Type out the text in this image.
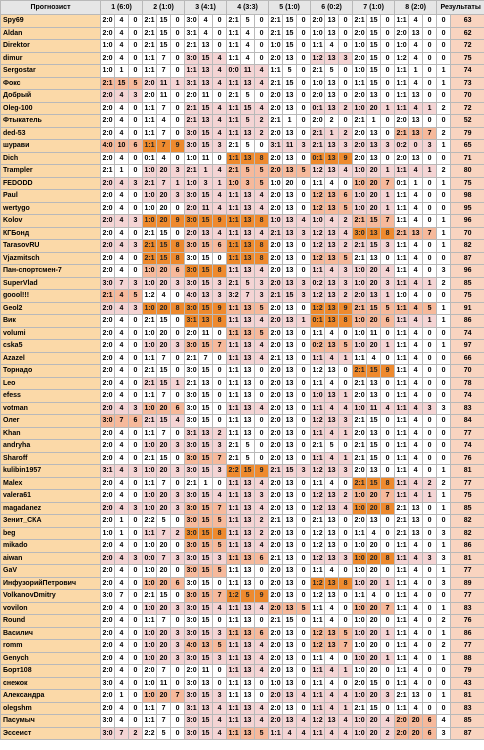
Прогнозист	1 (6:0)			2 (1:0)			3 (4:1)			4 (3:3)			5 (1:0)			6 (0:2)			7 (1:0)			8 (2:0)			Результаты	
Spy69	2:0	4	0	2:1	15	0	3:0	4	0	2:1	5	0	2:1	15	0	2:0	13	0	2:1	15	0	1:1	4	0	0	63
Aldan	2:0	4	0	2:1	15	0	3:1	4	0	1:1	4	0	2:1	15	0	1:0	13	0	2:0	15	0	2:0	13	0	0	62
Direktor	1:0	4	0	2:1	15	0	2:1	13	0	1:1	4	0	1:0	15	0	1:1	4	0	1:0	15	0	1:0	4	0	0	72
dimur	2:0	4	0	1:1	7	0	3:0	15	4	1:1	4	0	2:0	13	0	1:2	13	3	2:0	15	0	1:2	4	0	0	75
Sergostar	1:0	1	0	1:1	7	0	1:1	13	4	0:0	11	4	1:1	5	0	2:1	5	0	1:0	15	0	1:1	1	0	1	74
Фокс	2:1	15	5	2:0	11	1	3:1	13	4	1:1	13	4	2:1	15	0	1:0	13	0	1:1	15	0	1:1	4	0	1	73
Добрый	2:0	4	3	2:0	11	0	2:0	11	0	2:1	5	0	2:0	13	0	2:0	13	0	2:0	13	0	1:1	13	0	0	70
Oleg-100	2:0	4	0	1:1	7	0	2:1	15	4	1:1	15	4	2:0	13	0	0:1	13	2	1:0	20	1	1:1	4	1	2	72
Фтыкатель	2:0	4	0	1:1	4	0	2:1	13	4	1:1	5	2	2:1	1	0	2:0	2	0	2:1	1	0	2:0	13	0	0	52
ded-53	2:0	4	0	1:1	7	0	3:0	15	4	1:1	13	2	2:0	13	0	2:1	1	2	2:0	13	0	2:1	13	7	2	79
шурави	4:0	10	6	1:1	7	9	3:0	15	3	2:1	5	0	3:1	11	3	2:1	13	3	2:0	13	3	0:2	0	3	1	65
Dich	2:0	4	0	0:1	4	0	1:0	11	0	1:1	13	8	2:0	13	0	0:1	13	9	2:0	13	0	2:0	13	0	0	71
Trampler	2:1	1	0	1:0	20	3	2:1	1	4	2:1	5	5	2:0	13	5	1:2	13	4	1:0	20	1	1:1	4	1	2	80
FEDODD	2:0	4	3	2:1	7	1	1:0	3	1	1:0	3	5	1:0	20	0	1:1	4	0	1:0	20	7	0:1	1	0	1	75
Paul	2:0	4	0	1:0	20	3	3:0	15	4	1:1	13	4	2:0	13	0	1:2	13	6	1:0	20	1	1:1	4	0	0	98
wertygo	2:0	4	0	1:0	20	0	2:0	11	4	1:1	13	4	2:0	13	0	1:2	13	5	1:0	20	1	1:1	4	0	0	95
Kolov	2:0	4	3	1:0	20	9	3:0	15	9	1:1	13	8	1:0	13	4	1:0	4	2	2:1	15	7	1:1	4	0	1	96
КГБонд	2:0	4	0	2:1	15	0	2:0	13	4	1:1	13	4	2:1	13	3	1:2	13	4	3:0	13	8	2:1	13	7	1	70
TarasovRU	2:0	4	3	2:1	15	8	3:0	15	6	1:1	13	8	2:0	13	0	1:2	13	2	2:1	15	3	1:1	4	0	1	82
Vjazmitsch	2:0	4	0	2:1	15	8	3:0	15	0	1:1	13	8	2:0	13	0	1:2	13	5	2:1	13	0	1:1	4	0	0	87
Пан-спортсмен-7	2:0	4	0	1:0	20	6	3:0	15	8	1:1	13	4	2:0	13	0	1:1	4	3	1:0	20	4	1:1	4	0	3	96
SuperVlad	3:0	7	3	1:0	20	3	3:0	15	3	2:1	5	3	2:0	13	3	0:2	13	3	1:0	20	3	1:1	4	1	2	85
goool!!!	2:1	4	5	1:2	4	0	4:0	13	3	3:2	7	3	2:1	15	3	1:2	13	2	2:0	13	1	1:0	4	0	0	75
Geol2	2:0	4	3	1:0	20	8	3:0	15	9	1:1	13	5	2:0	13	0	1:2	13	9	2:1	15	5	1:1	4	5	1	91
Вик	2:0	4	0	2:1	15	0	3:1	13	8	1:1	13	4	2:0	13	1	0:1	13	8	1:0	20	6	1:1	4	1	1	86
volumi	2:0	4	0	1:0	20	0	2:0	11	0	1:1	13	5	2:0	13	0	1:1	4	0	1:0	11	0	1:1	4	0	0	74
cska5	2:0	4	0	1:0	20	3	3:0	15	7	1:1	13	4	2:0	13	0	0:2	13	5	1:0	20	1	1:1	4	0	1	97
Azazel	2:0	4	0	1:1	7	0	2:1	7	0	1:1	13	4	2:1	13	0	1:1	4	1	1:1	4	0	1:1	4	0	0	66
Торнадо	2:0	4	0	2:1	15	0	3:0	15	0	1:1	13	0	2:0	13	0	1:2	13	0	2:1	15	9	1:1	4	0	0	70
Leo	2:0	4	0	2:1	15	1	2:1	13	0	1:1	13	0	2:0	13	0	1:1	4	0	2:1	13	0	1:1	4	0	0	78
efess	2:0	4	0	1:1	7	0	3:0	15	0	1:1	13	0	2:0	13	0	1:0	13	1	2:0	13	0	1:1	4	0	0	74
votman	2:0	4	3	1:0	20	6	3:0	15	0	1:1	13	4	2:0	13	0	1:1	4	4	1:0	11	4	1:1	4	3	3	83
Олег	3:0	7	6	2:1	15	4	3:0	15	0	1:1	13	0	2:0	13	0	1:2	13	3	2:1	15	0	1:1	4	0	0	84
Khan	2:0	4	0	1:1	7	0	3:1	13	2	1:1	13	0	2:0	13	0	1:1	4	1	2:0	13	0	1:1	4	0	0	77
andryha	2:0	4	0	1:0	20	3	3:0	15	3	2:1	5	0	2:0	13	0	2:1	5	0	2:1	15	0	1:1	4	0	0	74
Sharoff	2:0	4	0	2:1	15	0	3:0	15	7	2:1	5	0	2:0	13	0	1:1	4	1	2:1	15	0	1:1	4	0	0	76
kulibin1957	3:1	4	3	1:0	20	3	3:0	15	3	2:2	15	9	2:1	15	3	1:2	13	3	2:0	13	0	1:1	4	0	1	81
Malex	2:0	4	0	1:1	7	0	2:1	1	0	1:1	13	4	2:0	13	0	1:1	4	0	2:1	15	8	1:1	4	2	2	77
valera61	2:0	4	0	1:0	20	3	3:0	15	4	1:1	13	3	2:0	13	0	1:2	13	2	1:0	20	7	1:1	4	1	1	75
magadanez	2:0	4	3	1:0	20	3	3:0	15	7	1:1	13	4	2:0	13	0	1:2	13	4	1:0	20	8	2:1	13	0	1	85
Зенит_СКА	2:0	1	0	2:2	5	0	3:0	15	5	1:1	13	2	2:1	13	0	2:1	13	0	2:0	13	0	2:1	13	0	0	82
beg	1:0	1	0	1:1	7	2	3:0	15	8	1:1	13	2	2:0	13	0	1:2	13	0	1:1	4	0	2:1	13	0	3	82
mikado	2:0	4	0	1:0	20	0	3:0	15	5	1:1	13	4	2:0	13	0	1:2	13	0	1:0	20	0	1:1	4	0	1	86
aiwan	2:0	4	3	0:0	7	3	3:0	15	3	1:1	13	6	2:1	13	0	1:2	13	3	1:0	20	8	1:1	4	3	3	81
GaV	2:0	4	0	1:0	20	0	3:0	15	5	1:1	13	0	2:0	13	0	1:1	4	0	1:0	20	0	1:1	4	0	1	77
ИнфузорийПетрович	2:0	4	0	1:0	20	6	3:0	15	0	1:1	13	0	2:0	13	0	1:2	13	8	1:0	20	1	1:1	4	0	3	89
VolkanovDmitry	3:0	7	0	2:1	15	0	3:0	15	7	1:2	5	9	2:0	13	0	1:2	13	0	1:1	4	0	1:1	4	0	0	77
vovilon	2:0	4	0	1:0	20	3	3:0	15	4	1:1	13	4	2:0	13	5	1:1	4	0	1:0	20	7	1:1	4	0	1	83
Round	2:0	4	0	1:1	7	0	3:0	15	0	1:1	13	0	2:1	15	0	1:1	4	0	1:0	20	0	1:1	4	0	2	76
Василич	2:0	4	0	1:0	20	3	3:0	15	3	1:1	13	6	2:0	13	0	1:2	13	5	1:0	20	1	1:1	4	0	1	86
romm	2:0	4	0	1:0	20	3	4:0	13	5	1:1	13	4	2:0	13	0	1:2	13	7	1:0	20	0	1:1	4	0	2	77
Genych	2:0	4	0	1:0	20	3	3:0	15	3	1:1	13	4	2:0	13	0	1:1	4	0	1:0	20	1	1:1	4	0	1	88
Борт108	2:0	4	0	2:0	7	0	2:0	11	0	1:1	13	4	2:0	13	0	1:1	4	1	1:0	20	0	1:1	4	0	0	79
снежок	3:0	4	0	1:0	11	0	3:0	13	0	1:1	13	0	1:0	13	0	1:1	4	0	2:0	15	0	1:1	4	0	0	43
Александра	2:0	1	0	1:0	20	7	3:0	15	3	1:1	13	0	2:0	13	4	1:1	4	4	1:0	20	3	2:1	13	0	1	81
olegshm	2:0	4	0	1:1	7	0	3:1	13	4	1:1	13	4	2:0	13	0	1:1	4	1	2:1	15	0	1:1	4	0	0	83
Пасумыч	3:0	4	0	1:1	7	0	3:0	15	4	1:1	13	4	2:0	13	4	1:2	13	4	1:0	20	4	2:0	20	6	4	85
Эссеист	3:0	7	2	2:2	5	0	3:0	15	4	1:1	13	5	1:1	4	4	1:1	4	4	1:0	20	2	2:0	20	6	3	87
